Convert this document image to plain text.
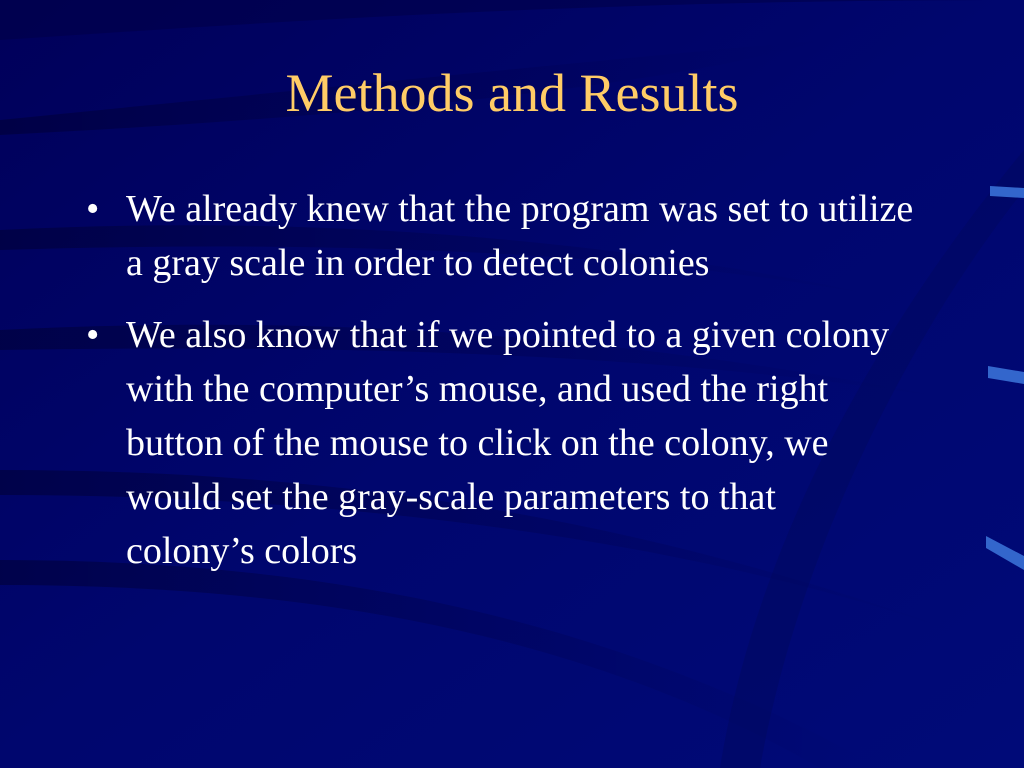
Methods and Results
• We already knew that the program was set to utilize a gray scale in order to detect colonies
• We also know that if we pointed to a given colony with the computer’s mouse, and used the right button of the mouse to click on the colony, we would set the gray-scale parameters to that colony’s colors
